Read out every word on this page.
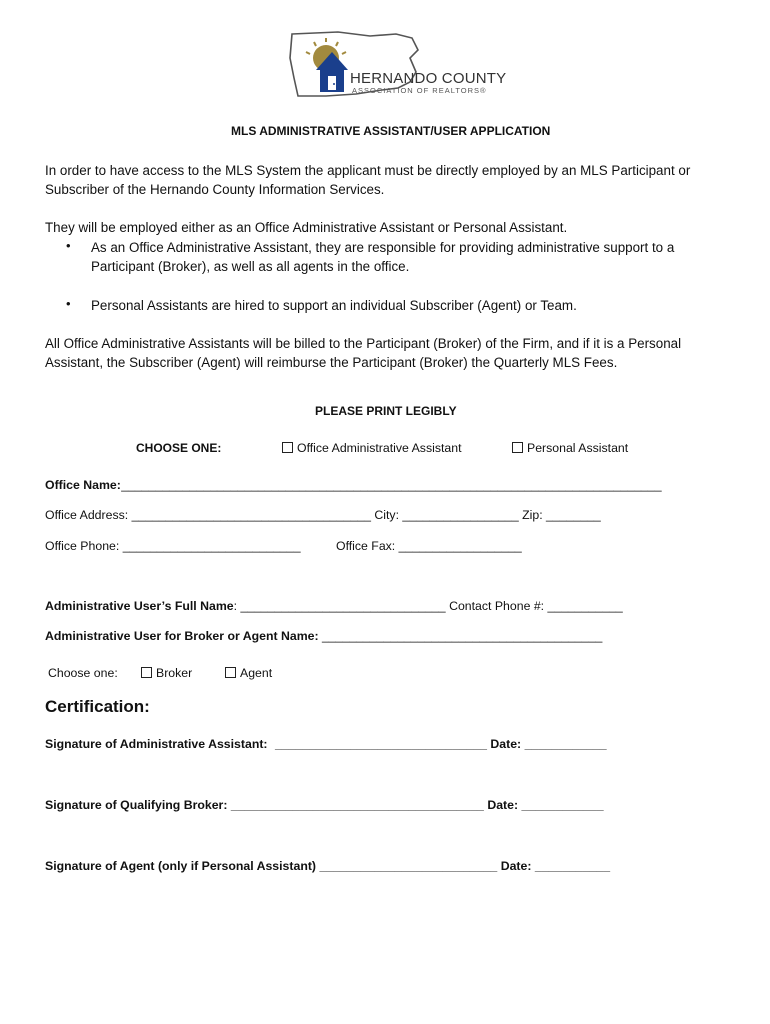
HERNANDO COUNTY
ASSOCIATION OF REALTORS®
MLS ADMINISTRATIVE ASSISTANT/USER APPLICATION
In order to have access to the MLS System the applicant must be directly employed by an MLS Participant or
Subscriber of the Hernando County Information Services.
They will be employed either as an Office Administrative Assistant or Personal Assistant.
• As an Office Administrative Assistant, they are responsible for providing administrative support to a
Participant (Broker), as well as all agents in the office.
• Personal Assistants are hired to support an individual Subscriber (Agent) or Team.
All Office Administrative Assistants will be billed to the Participant (Broker) of the Firm, and if it is a Personal
Assistant, the Subscriber (Agent) will reimburse the Participant (Broker) the Quarterly MLS Fees.
PLEASE PRINT LEGIBLY
CHOOSE ONE:	Office Administrative Assistant	Personal Assistant
Office Name: _______________________________________________________________________________
Office Address: ___________________________________ City: _________________ Zip: ________
Office Phone: __________________________	Office Fax: __________________
Administrative User’s Full Name: ______________________________ Contact Phone #: ___________
Administrative User for Broker or Agent Name: _________________________________________
Choose one:	Broker	Agent
Certification:
Signature of Administrative Assistant: _______________________________ Date: ____________
Signature of Qualifying Broker: _____________________________________ Date: ____________
Signature of Agent (only if Personal Assistant) __________________________ Date: ___________
